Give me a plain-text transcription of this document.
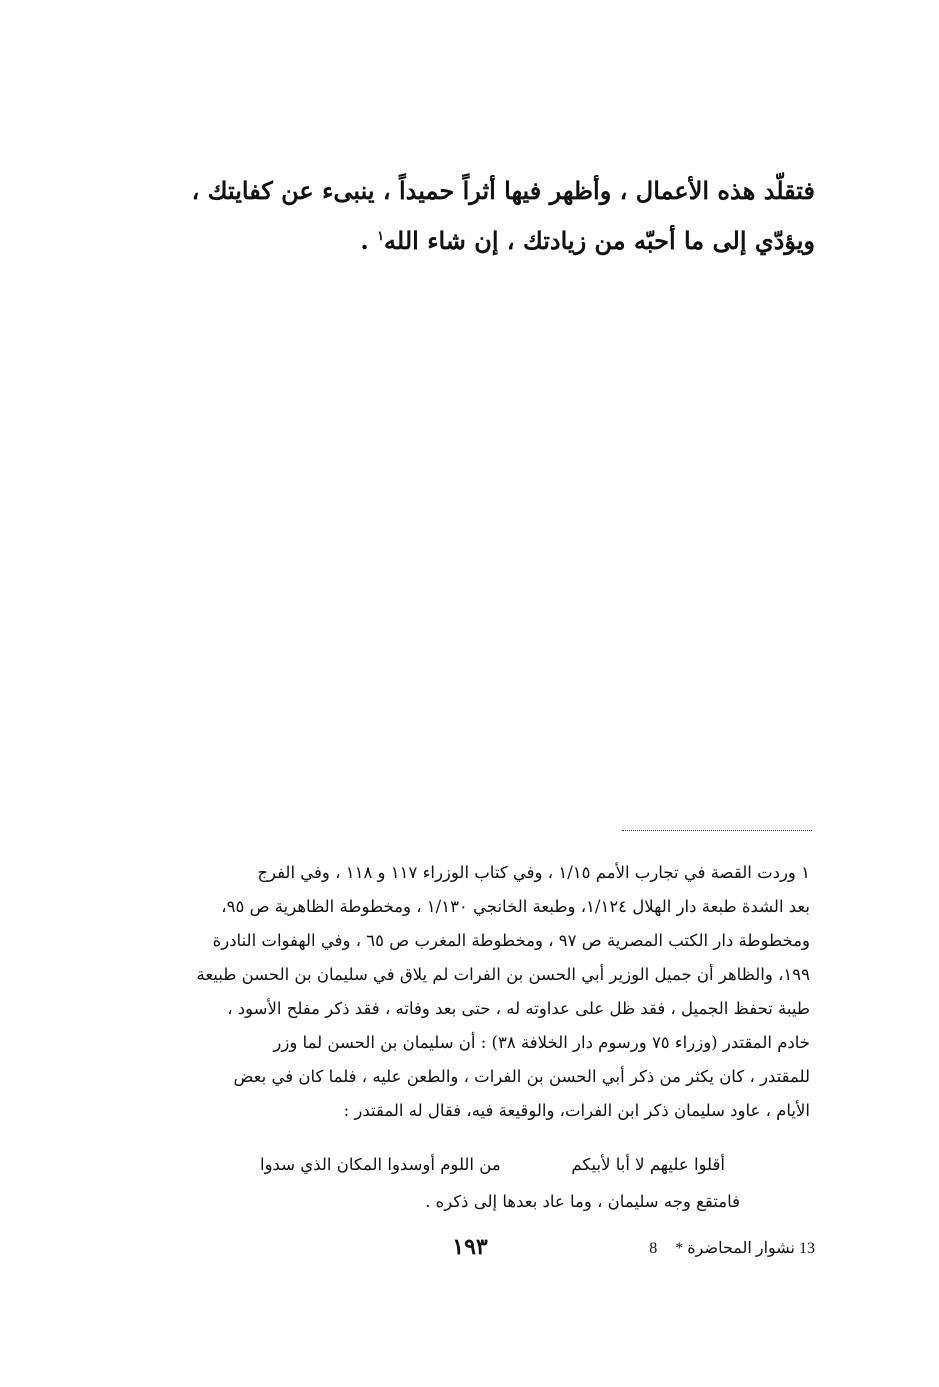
فتقلّد هذه الأعمال ، وأظهر فيها أثراً حميداً ، ينبىء عن كفايتك ،

ويؤدّي إلى ما أحبّه من زيادتك ، إن شاء الله$^١$ .

١ وردت القصة في تجارب الأمم ١/١٥ ، وفي كتاب الوزراء ١١٧ و ١١٨ ، وفي الفرج

بعد الشدة طبعة دار الهلال ١/١٢٤، وطبعة الخانجي ١/١٣٠ ، ومخطوطة الظاهرية ص ٩٥،

ومخطوطة دار الكتب المصرية ص ٩٧ ، ومخطوطة المغرب ص ٦٥ ، وفي الهفوات النادرة

١٩٩، والظاهر أن جميل الوزير أبي الحسن بن الفرات لم يلاق في سليمان بن الحسن طبيعة

طيبة تحفظ الجميل ، فقد ظل على عداوته له ، حتى بعد وفاته ، فقد ذكر مفلح الأسود ،

خادم المقتدر (وزراء ٧٥ ورسوم دار الخلافة ٣٨) : أن سليمان بن الحسن لما وزر

للمقتدر ، كان يكثر من ذكر أبي الحسن بن الفرات ، والطعن عليه ، فلما كان في بعض

الأيام ، عاود سليمان ذكر ابن الفرات، والوقيعة فيه، فقال له المقتدر :

أقلوا عليهم لا أبا لأبيكم
من اللوم أوسدوا المكان الذي سدوا
فامتقع وجه سليمان ، وما عاد بعدها إلى ذكره .
١٩٣	13 نشوار المحاضرة * 8
